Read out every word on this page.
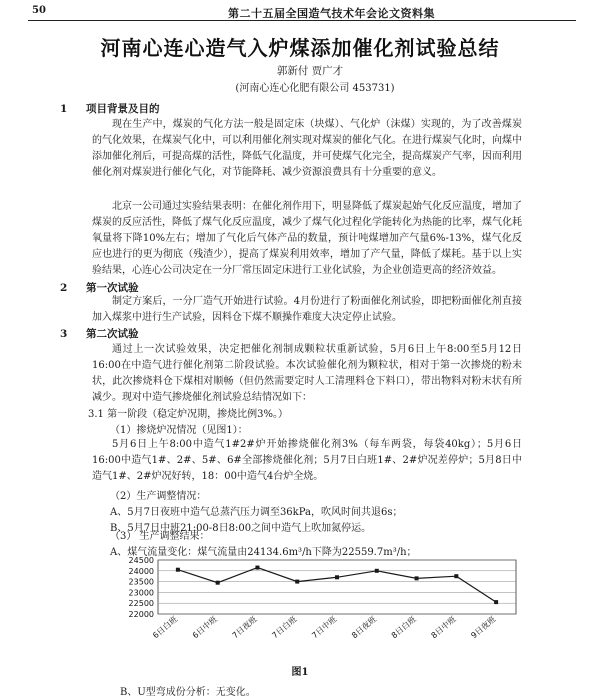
50	第二十五届全国造气技术年会论文资料集
河南心连心造气入炉煤添加催化剂试验总结
郭新付 贾广才
(河南心连心化肥有限公司 453731)
1 项目背景及目的
现在生产中，煤炭的气化方法一般是固定床（块煤）、气化炉（沫煤）实现的，为了改善煤炭的气化效果，在煤炭气化中，可以利用催化剂实现对煤炭的催化气化。在进行煤炭气化时，向煤中添加催化剂后，可提高煤的活性，降低气化温度，并可使煤气化完全，提高煤炭产气率，因而利用催化剂对煤炭进行催化气化，对节能降耗、减少资源浪费具有十分重要的意义。
北京一公司通过实验结果表明：在催化剂作用下，明显降低了煤炭起始气化反应温度，增加了煤炭的反应活性，降低了煤气化反应温度，减少了煤气化过程化学能转化为热能的比率，煤气化耗氧量将下降10%左右；增加了气化后气体产品的数量，预计吨煤增加产气量6%-13%，煤气化反应也进行的更为彻底（残渣少），提高了煤炭利用效率，增加了产气量，降低了煤耗。基于以上实验结果，心连心公司决定在一分厂常压固定床进行工业化试验，为企业创造更高的经济效益。
2 第一次试验
制定方案后，一分厂造气开始进行试验。4月份进行了粉面催化剂试验，即把粉面催化剂直接加入煤浆中进行生产试验，因料仓下煤不顺操作难度大决定停止试验。
3 第二次试验
通过上一次试验效果，决定把催化剂制成颗粒状重新试验，5月6日上午8:00至5月12日16:00在中造气进行催化剂第二阶段试验。本次试验催化剂为颗粒状，相对于第一次掺烧的粉末状，此次掺烧料仓下煤相对顺畅（但仍然需要定时人工清理料仓下料口），带出物料对粉末状有所减少。现对中造气掺烧催化剂试验总结情况如下：
3.1 第一阶段（稳定炉况期，掺烧比例3%。）
（1）掺烧炉况情况（见图1）：
5月6日上午8:00中造气1#2#炉开始掺烧催化剂3%（每车两袋，每袋40kg）；5月6日16:00中造气1#、2#、5#、6#全部掺烧催化剂；5月7日白班1#、2#炉况差停炉；5月8日中造气1#、2#炉况好转，18：00中造气4台炉全烧。
（2）生产调整情况：
A、5月7日夜班中造气总蒸汽压力调至36kPa，吹风时间共退6s；
B、5月7日中班21:00-8日8:00之间中造气上吹加氮停运。
（3） 生产调整结果：
A、煤气流量变化：煤气流量由24134.6m³/h下降为22559.7m³/h；
22000
22500
23000
23500
24000
24500
6日白班 6日中班 7日夜班 7日白班 7日中班 8日夜班 8日白班 8日中班 9日夜班
图1
B、U型弯成份分析：无变化。
